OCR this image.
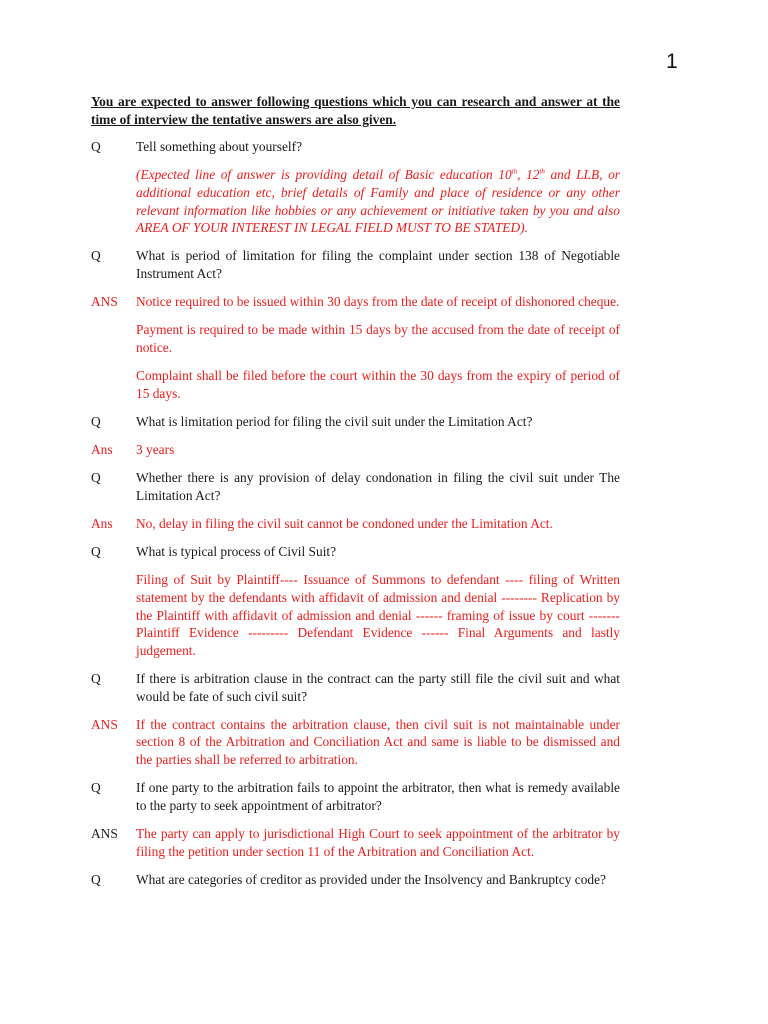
1

You are expected to answer following questions which you can research and answer at the time of interview the tentative answers are also given.

Q	Tell something about yourself?
(Expected line of answer is providing detail of Basic education 10th, 12th and LLB, or additional education etc, brief details of Family and place of residence or any other relevant information like hobbies or any achievement or initiative taken by you and also AREA OF YOUR INTEREST IN LEGAL FIELD MUST TO BE STATED).
Q	What is period of limitation for filing the complaint under section 138 of Negotiable Instrument Act?
ANS	Notice required to be issued within 30 days from the date of receipt of dishonored cheque.
Payment is required to be made within 15 days by the accused from the date of receipt of notice.
Complaint shall be filed before the court within the 30 days from the expiry of period of 15 days.
Q	What is limitation period for filing the civil suit under the Limitation Act?
Ans	3 years
Q	Whether there is any provision of delay condonation in filing the civil suit under The Limitation Act?
Ans	No, delay in filing the civil suit cannot be condoned under the Limitation Act.
Q	What is typical process of Civil Suit?
Filing of Suit by Plaintiff---- Issuance of Summons to defendant ---- filing of Written statement by the defendants with affidavit of admission and denial -------- Replication by the Plaintiff with affidavit of admission and denial ------ framing of issue by court ------- Plaintiff Evidence --------- Defendant Evidence ------ Final Arguments and lastly judgement.
Q	If there is arbitration clause in the contract can the party still file the civil suit and what would be fate of such civil suit?
ANS	If the contract contains the arbitration clause, then civil suit is not maintainable under section 8 of the Arbitration and Conciliation Act and same is liable to be dismissed and the parties shall be referred to arbitration.
Q	If one party to the arbitration fails to appoint the arbitrator, then what is remedy available to the party to seek appointment of arbitrator?
ANS	The party can apply to jurisdictional High Court to seek appointment of the arbitrator by filing the petition under section 11 of the Arbitration and Conciliation Act.
Q	What are categories of creditor as provided under the Insolvency and Bankruptcy code?
